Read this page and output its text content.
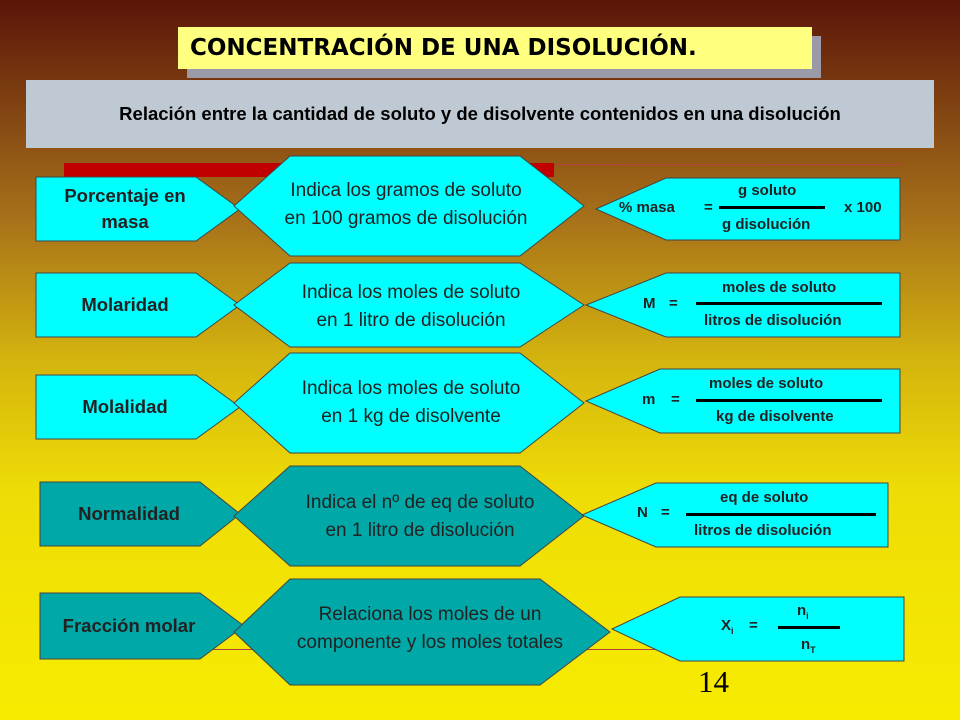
CONCENTRACIÓN DE UNA DISOLUCIÓN.
Relación entre la cantidad de soluto y de disolvente contenidos en una disolución
Porcentaje en masa
Indica los gramos de soluto en 100 gramos de disolución
% masa =
g soluto
g disolución
x 100
Molaridad
Indica los moles de soluto en 1 litro de disolución
M =
moles de soluto
litros de disolución
Molalidad
Indica los moles de soluto en 1 kg de disolvente
m =
moles de soluto
kg de disolvente
Normalidad
Indica el nº de eq de soluto en 1 litro de disolución
N =
eq de soluto
litros de disolución
Fracción molar
Relaciona los moles de un componente y los moles totales
$X_i$ =
$n_i$
$n_T$
14
